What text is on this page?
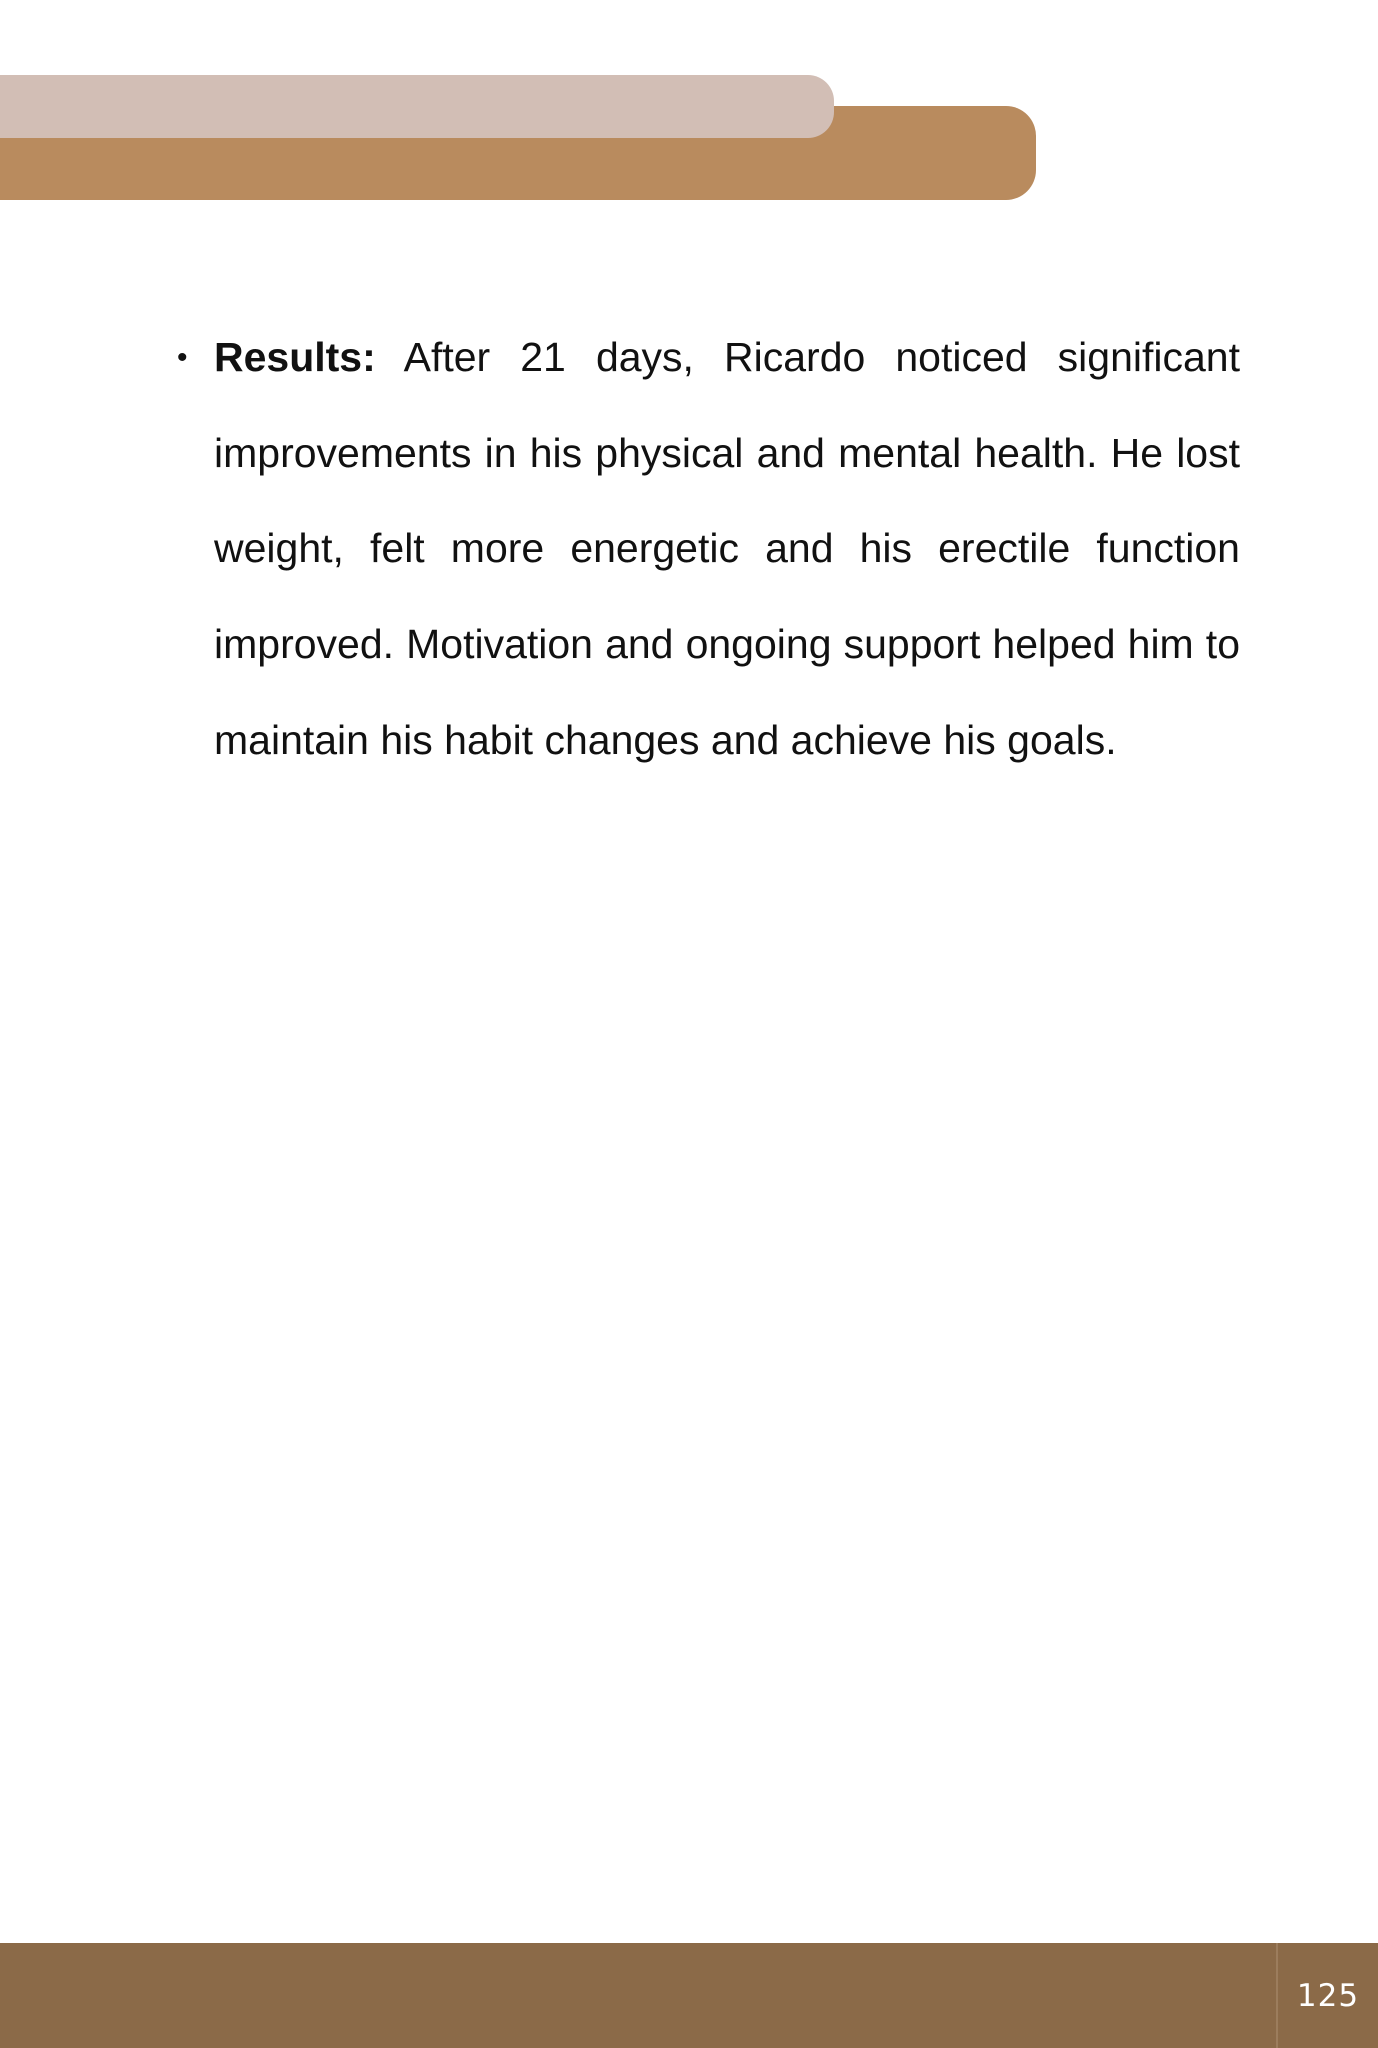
• Results: After 21 days, Ricardo noticed significant improvements in his physical and mental health. He lost weight, felt more energetic and his erectile function improved. Motivation and ongoing support helped him to maintain his habit changes and achieve his goals.
125
